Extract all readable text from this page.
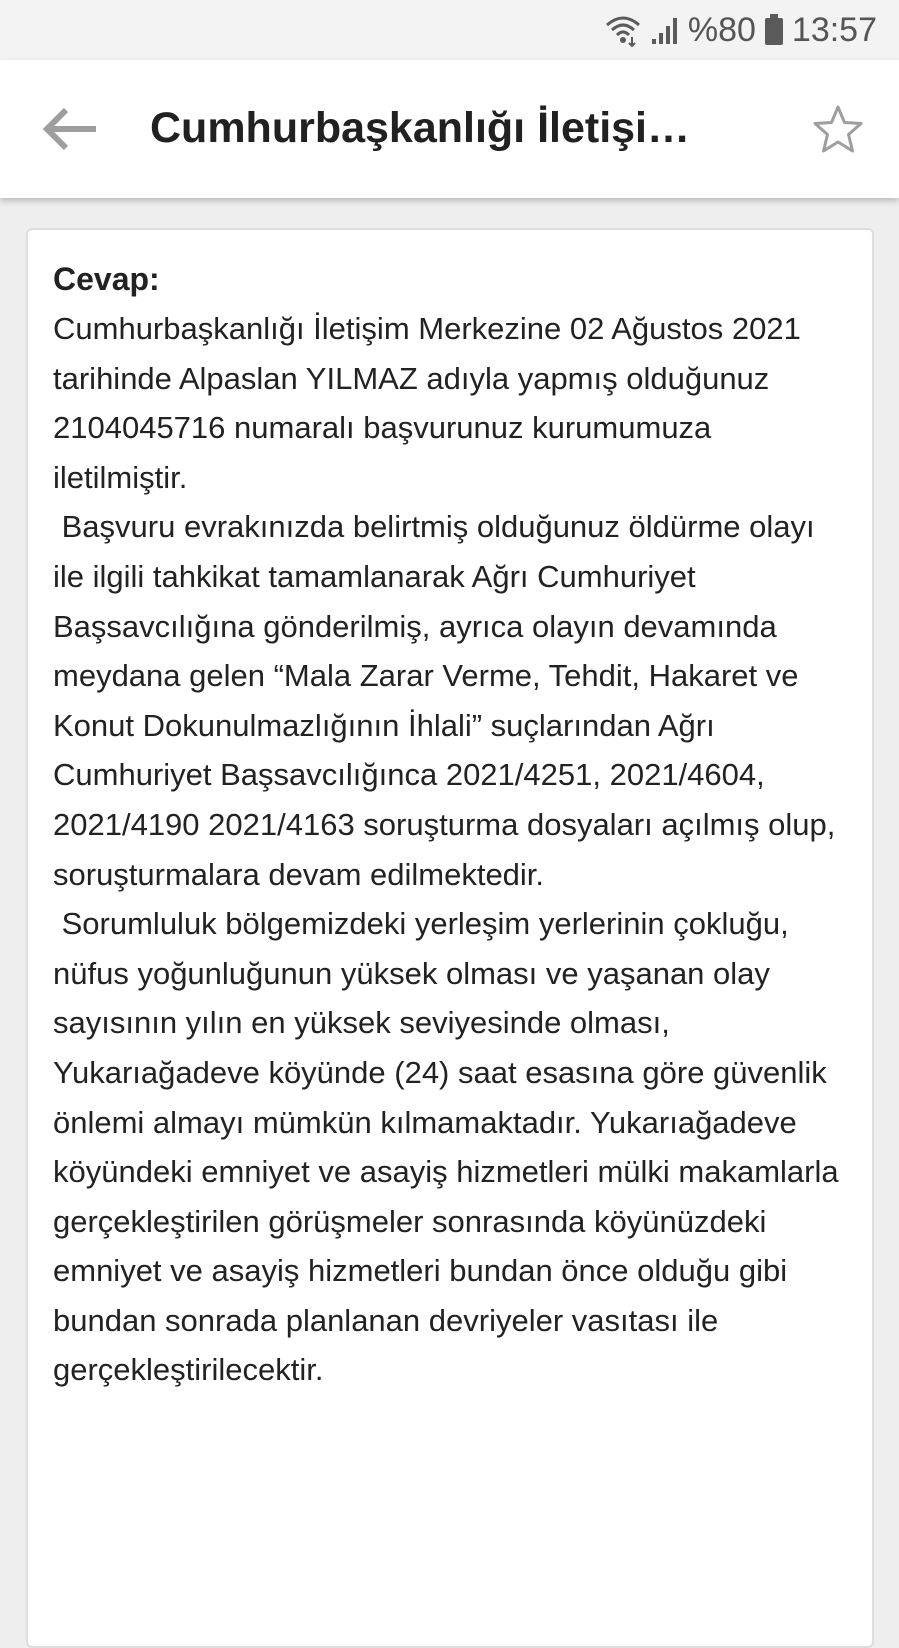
%80 13:57
Cumhurbaşkanlığı İletişi…

Cevap:

Cumhurbaşkanlığı İletişim Merkezine 02 Ağustos 2021 tarihinde Alpaslan YILMAZ adıyla yapmış olduğunuz 2104045716 numaralı başvurunuz kurumumuza iletilmiştir.

Başvuru evrakınızda belirtmiş olduğunuz öldürme olayı ile ilgili tahkikat tamamlanarak Ağrı Cumhuriyet Başsavcılığına gönderilmiş, ayrıca olayın devamında meydana gelen “Mala Zarar Verme, Tehdit, Hakaret ve Konut Dokunulmazlığının İhlali” suçlarından Ağrı Cumhuriyet Başsavcılığınca 2021/4251, 2021/4604, 2021/4190 2021/4163 soruşturma dosyaları açılmış olup, soruşturmalara devam edilmektedir.

Sorumluluk bölgemizdeki yerleşim yerlerinin çokluğu, nüfus yoğunluğunun yüksek olması ve yaşanan olay sayısının yılın en yüksek seviyesinde olması, Yukarıağadeve köyünde (24) saat esasına göre güvenlik önlemi almayı mümkün kılmamaktadır. Yukarıağadeve köyündeki emniyet ve asayiş hizmetleri mülki makamlarla gerçekleştirilen görüşmeler sonrasında köyünüzdeki emniyet ve asayiş hizmetleri bundan önce olduğu gibi bundan sonrada planlanan devriyeler vasıtası ile gerçekleştirilecektir.
